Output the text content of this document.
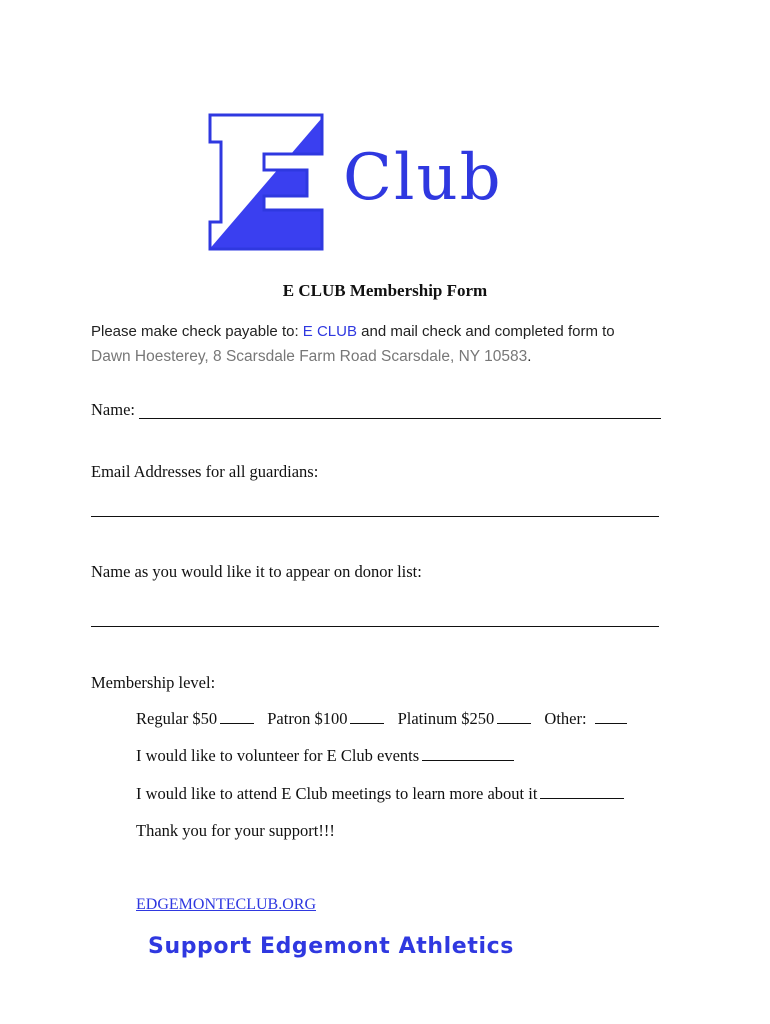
Club
E CLUB Membership Form
Please make check payable to: E CLUB and mail check and completed form to
Dawn Hoesterey, 8 Scarsdale Farm Road Scarsdale, NY 10583.
Name:
Email Addresses for all guardians:
Name as you would like it to appear on donor list:
Membership level:
Regular $50	Patron $100	Platinum $250	Other:
I would like to volunteer for E Club events
I would like to attend E Club meetings to learn more about it
Thank you for your support!!!
EDGEMONTECLUB.ORG
Support Edgemont Athletics
